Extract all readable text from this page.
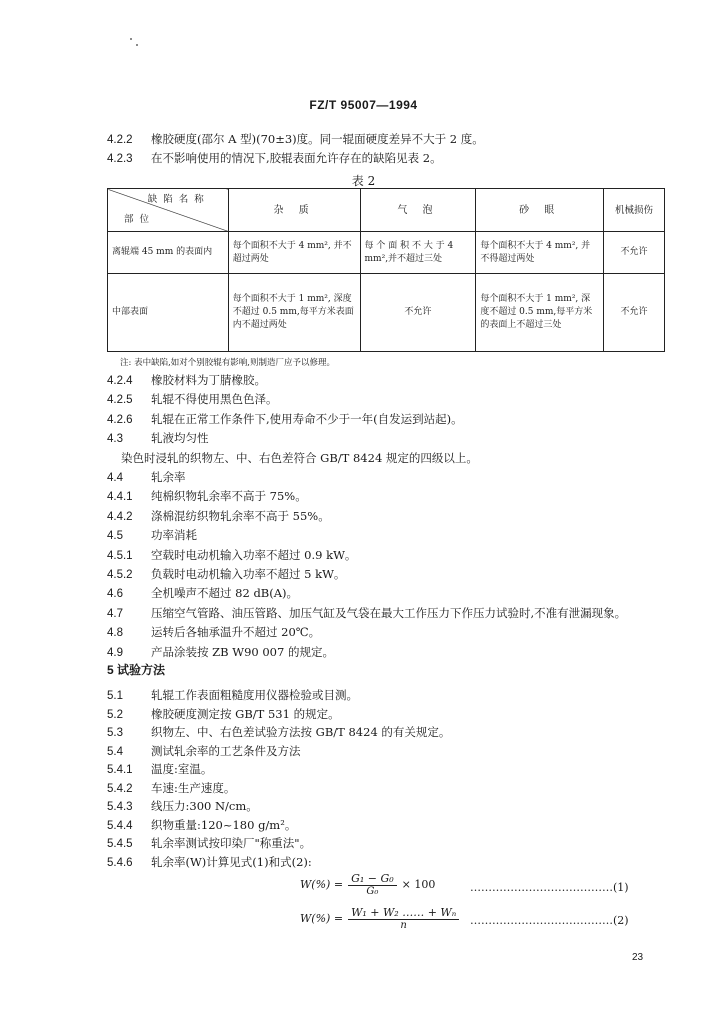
FZ/T 95007—1994
4.2.2 橡胶硬度(邵尔 A 型)(70±3)度。同一辊面硬度差异不大于 2 度。
4.2.3 在不影响使用的情况下,胶辊表面允许存在的缺陷见表 2。
表 2
缺陷名称
部位	杂 质	气 泡	砂 眼	机械损伤
离辊端 45 mm 的表面内	每个面积不大于 4 mm², 并不超过两处	每 个 面 积 不 大 于 4 mm²,并不超过三处	每个面积不大于 4 mm², 并不得超过两处	不允许
中部表面	每个面积不大于 1 mm², 深度不超过 0.5 mm,每平方米表面内不超过两处	不允许	每个面积不大于 1 mm², 深度不超过 0.5 mm,每平方米的表面上不超过三处	不允许
注: 表中缺陷,如对个别胶辊有影响,则制造厂应予以修理。
4.2.4 橡胶材料为丁腈橡胶。
4.2.5 轧辊不得使用黑色色泽。
4.2.6 轧辊在正常工作条件下,使用寿命不少于一年(自发运到站起)。
4.3 轧液均匀性
染色时浸轧的织物左、中、右色差符合 GB/T 8424 规定的四级以上。
4.4 轧余率
4.4.1 纯棉织物轧余率不高于 75%。
4.4.2 涤棉混纺织物轧余率不高于 55%。
4.5 功率消耗
4.5.1 空载时电动机输入功率不超过 0.9 kW。
4.5.2 负载时电动机输入功率不超过 5 kW。
4.6 全机噪声不超过 82 dB(A)。
4.7 压缩空气管路、油压管路、加压气缸及气袋在最大工作压力下作压力试验时,不准有泄漏现象。
4.8 运转后各轴承温升不超过 20℃。
4.9 产品涂装按 ZB W90 007 的规定。
5 试验方法
5.1 轧辊工作表面粗糙度用仪器检验或目测。
5.2 橡胶硬度测定按 GB/T 531 的规定。
5.3 织物左、中、右色差试验方法按 GB/T 8424 的有关规定。
5.4 测试轧余率的工艺条件及方法
5.4.1 温度:室温。
5.4.2 车速:生产速度。
5.4.3 线压力:300 N/cm。
5.4.4 织物重量:120~180 g/m²。
5.4.5 轧余率测试按印染厂"称重法"。
5.4.6 轧余率(W)计算见式(1)和式(2):
$W(\%) = \frac{\text{G₁ − G₀}}{\text{G₀}} \times 100$	…………………………………(1)
$W(\%) = \frac{\text{W₁ + W₂ …… + Wₙ}}{n}$ …………………………………(2)
23
